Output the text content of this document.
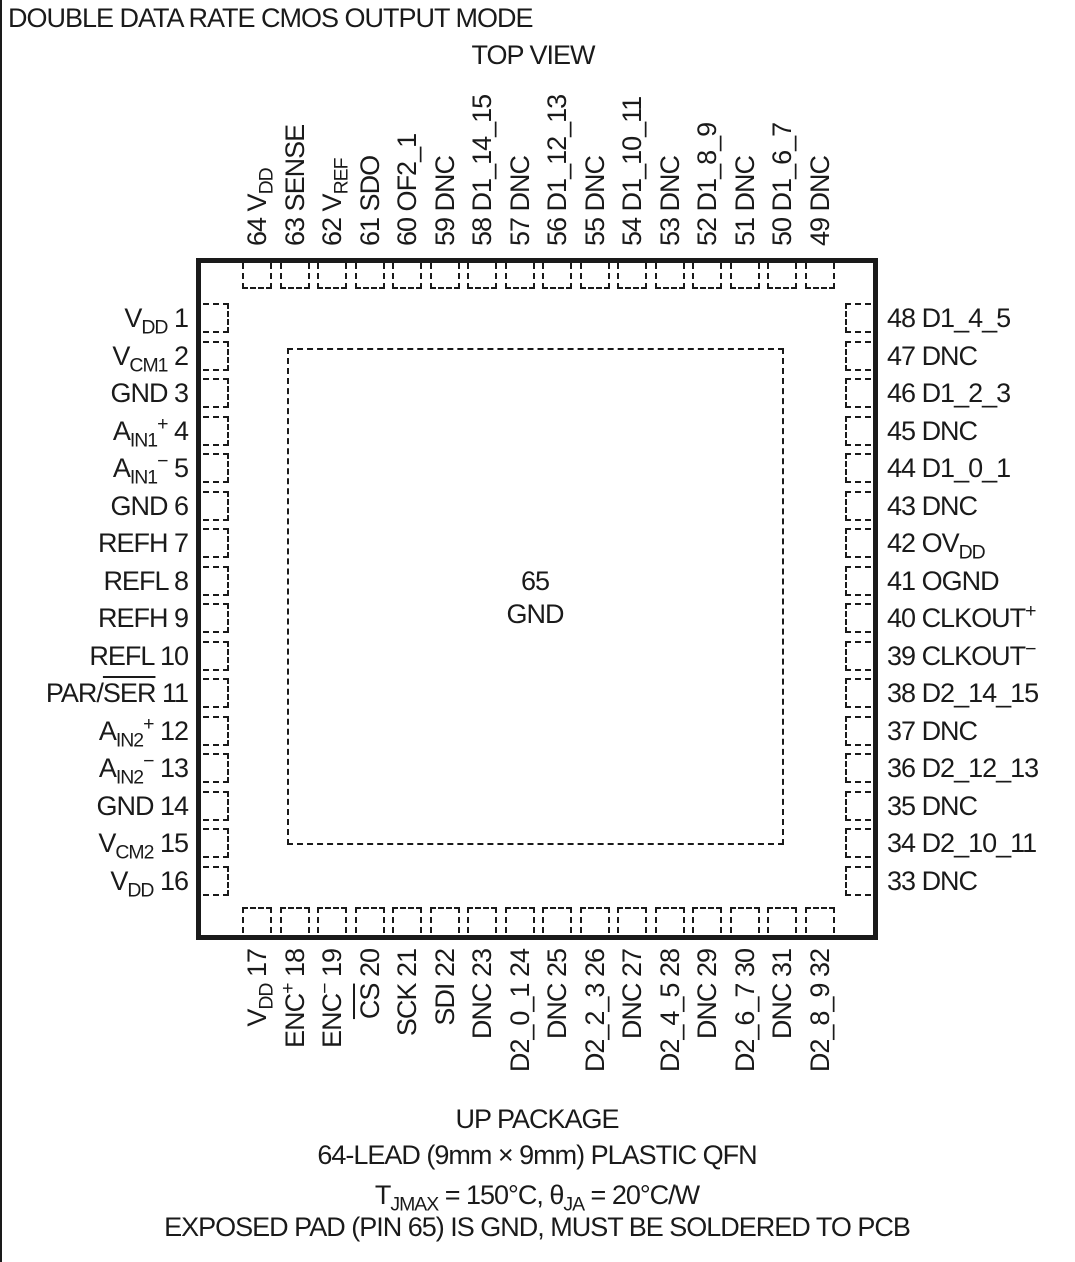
DOUBLE DATA RATE CMOS OUTPUT MODE
TOP VIEW
65
GND
$V_{DD}$ 1
$V_{CM1}$ 2
GND 3
$A_{IN1}^+$ 4
$A_{IN1}^-$ 5
GND 6
REFH 7
REFL 8
REFH 9
REFL 10
PAR/$\overline{SER}$ 11
$A_{IN2}^+$ 12
$A_{IN2}^-$ 13
GND 14
$V_{CM2}$ 15
$V_{DD}$ 16
48 D1_4_5
47 DNC
46 D1_2_3
45 DNC
44 D1_0_1
43 DNC
42 $OV_{DD}$
41 OGND
40 CLKOUT+
39 CLKOUT−
38 D2_14_15
37 DNC
36 D2_12_13
35 DNC
34 D2_10_11
33 DNC
64 $V_{DD}$
63 SENSE
62 $V_{REF}$
61 SDO
60 OF2_1
59 DNC
58 D1_14_15
57 DNC
56 D1_12_13
55 DNC
54 D1_10_11
53 DNC
52 D1_8_9
51 DNC
50 D1_6_7
49 DNC
$V_{DD}$ 17
ENC+ 18
ENC− 19
$\overline{CS}$ 20
SCK 21
SDI 22
DNC 23
D2_0_1 24
DNC 25
D2_2_3 26
DNC 27
D2_4_5 28
DNC 29
D2_6_7 30
DNC 31
D2_8_9 32
UP PACKAGE
64-LEAD (9mm × 9mm) PLASTIC QFN
$T_{JMAX} = 150^\circ C$, $\theta_{JA} = 20^\circ C/W$
EXPOSED PAD (PIN 65) IS GND, MUST BE SOLDERED TO PCB
